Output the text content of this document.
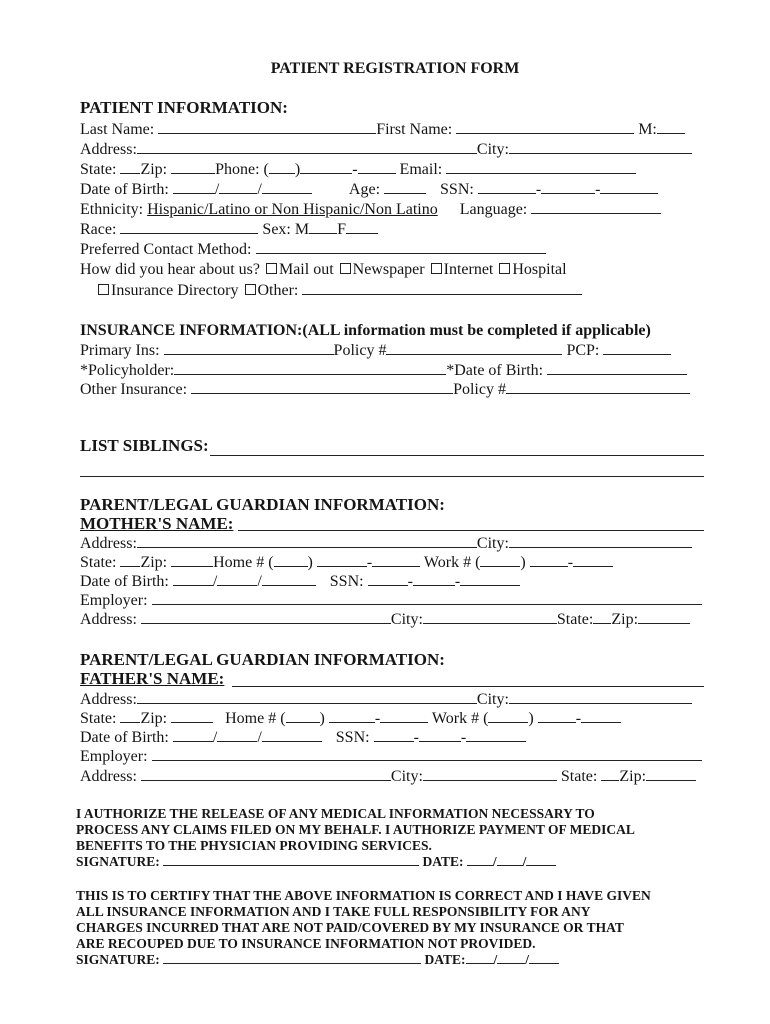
PATIENT REGISTRATION FORM
PATIENT INFORMATION:
Last Name:	First Name:	M:
Address:	City:
State: Zip:	Phone: ( )	-	Email:
Date of Birth:	/ /	Age:	SSN:	-	-
Ethnicity: Hispanic/Latino or Non Hispanic/Non Latino Language:
Race:	Sex: M F
Preferred Contact Method:
How did you hear about us? Mail out Newspaper Internet Hospital
Insurance Directory Other:
INSURANCE INFORMATION:(ALL information must be completed if applicable)
Primary Ins:	Policy #	PCP:
*Policyholder:	*Date of Birth:
Other Insurance:	Policy #
LIST SIBLINGS:
PARENT/LEGAL GUARDIAN INFORMATION:
MOTHER'S NAME:
Address:	City:
State: Zip:	Home # ( )	-	Work # (	)	-
Date of Birth:	/	/	SSN:	-	-
Employer:
Address:	City:	State: Zip:
PARENT/LEGAL GUARDIAN INFORMATION:
FATHER'S NAME:
Address:	City:
State: Zip:	Home # ( )	-	Work # (	)	-
Date of Birth:	/	/	SSN:	-	-
Employer:
Address:	City:	State: Zip:
I AUTHORIZE THE RELEASE OF ANY MEDICAL INFORMATION NECESSARY TO
PROCESS ANY CLAIMS FILED ON MY BEHALF. I AUTHORIZE PAYMENT OF MEDICAL
BENEFITS TO THE PHYSICIAN PROVIDING SERVICES.
SIGNATURE:	DATE: / /
THIS IS TO CERTIFY THAT THE ABOVE INFORMATION IS CORRECT AND I HAVE GIVEN
ALL INSURANCE INFORMATION AND I TAKE FULL RESPONSIBILITY FOR ANY
CHARGES INCURRED THAT ARE NOT PAID/COVERED BY MY INSURANCE OR THAT
ARE RECOUPED DUE TO INSURANCE INFORMATION NOT PROVIDED.
SIGNATURE:	DATE: / /
